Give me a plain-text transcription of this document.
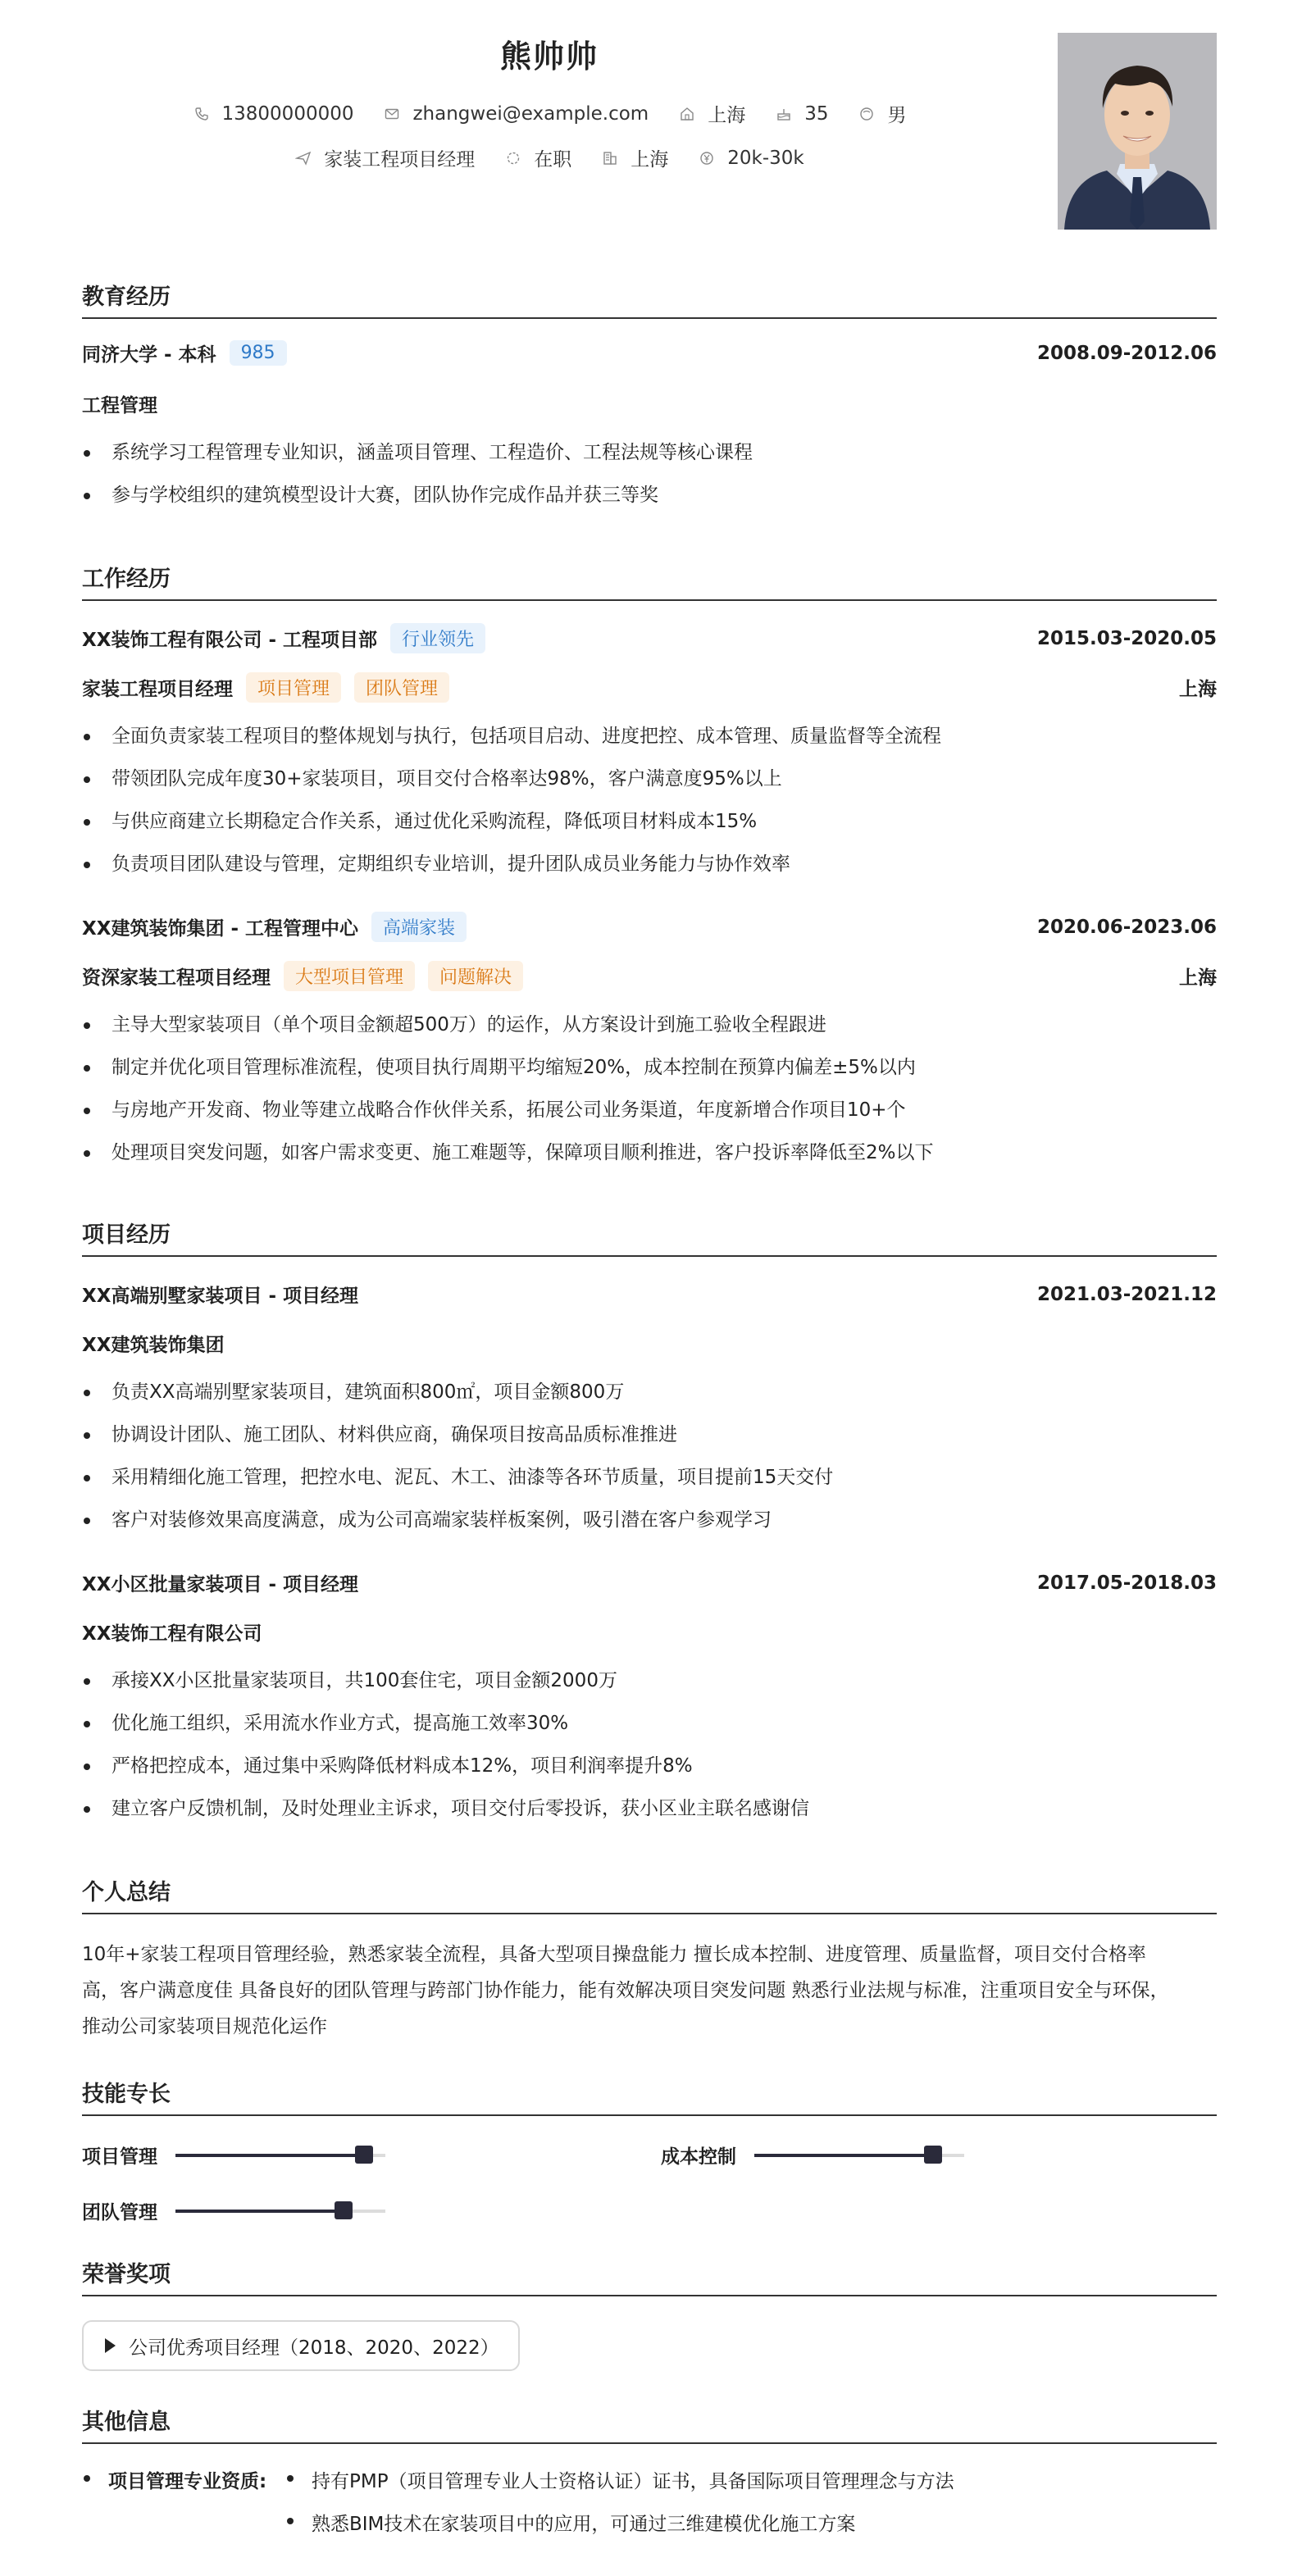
熊帅帅
13800000000	zhangwei@example.com	上海	35	男
家装工程项目经理	在职	上海	20k-30k
教育经历
同济大学 - 本科	985	2008.09-2012.06
工程管理
系统学习工程管理专业知识，涵盖项目管理、工程造价、工程法规等核心课程
参与学校组织的建筑模型设计大赛，团队协作完成作品并获三等奖
工作经历
XX装饰工程有限公司 - 工程项目部	行业领先	2015.03-2020.05
家装工程项目经理	项目管理	团队管理	上海
全面负责家装工程项目的整体规划与执行，包括项目启动、进度把控、成本管理、质量监督等全流程
带领团队完成年度30+家装项目，项目交付合格率达98%，客户满意度95%以上
与供应商建立长期稳定合作关系，通过优化采购流程，降低项目材料成本15%
负责项目团队建设与管理，定期组织专业培训，提升团队成员业务能力与协作效率
XX建筑装饰集团 - 工程管理中心	高端家装	2020.06-2023.06
资深家装工程项目经理	大型项目管理	问题解决	上海
主导大型家装项目（单个项目金额超500万）的运作，从方案设计到施工验收全程跟进
制定并优化项目管理标准流程，使项目执行周期平均缩短20%，成本控制在预算内偏差±5%以内
与房地产开发商、物业等建立战略合作伙伴关系，拓展公司业务渠道，年度新增合作项目10+个
处理项目突发问题，如客户需求变更、施工难题等，保障项目顺利推进，客户投诉率降低至2%以下
项目经历
XX高端别墅家装项目 - 项目经理	2021.03-2021.12
XX建筑装饰集团
负责XX高端别墅家装项目，建筑面积800㎡，项目金额800万
协调设计团队、施工团队、材料供应商，确保项目按高品质标准推进
采用精细化施工管理，把控水电、泥瓦、木工、油漆等各环节质量，项目提前15天交付
客户对装修效果高度满意，成为公司高端家装样板案例，吸引潜在客户参观学习
XX小区批量家装项目 - 项目经理	2017.05-2018.03
XX装饰工程有限公司
承接XX小区批量家装项目，共100套住宅，项目金额2000万
优化施工组织，采用流水作业方式，提高施工效率30%
严格把控成本，通过集中采购降低材料成本12%，项目利润率提升8%
建立客户反馈机制，及时处理业主诉求，项目交付后零投诉，获小区业主联名感谢信
个人总结
10年+家装工程项目管理经验，熟悉家装全流程，具备大型项目操盘能力 擅长成本控制、进度管理、质量监督，项目交付合格率
高，客户满意度佳 具备良好的团队管理与跨部门协作能力，能有效解决项目突发问题 熟悉行业法规与标准，注重项目安全与环保，
推动公司家装项目规范化运作
技能专长
项目管理	成本控制
团队管理
荣誉奖项
公司优秀项目经理（2018、2020、2022）
其他信息
项目管理专业资质:	持有PMP（项目管理专业人士资格认证）证书，具备国际项目管理理念与方法
熟悉BIM技术在家装项目中的应用，可通过三维建模优化施工方案
